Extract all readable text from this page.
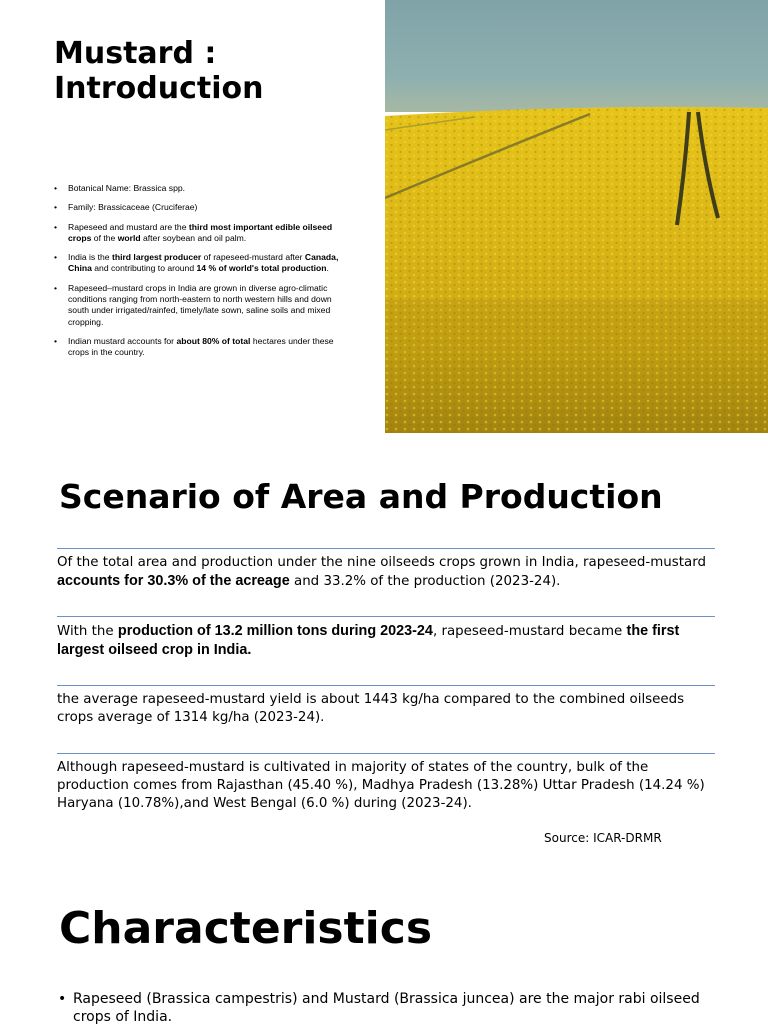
Mustard :
Introduction
• Botanical Name: Brassica spp.
• Family: Brassicaceae (Cruciferae)
• Rapeseed and mustard are the third most important edible oilseed crops of the world after soybean and oil palm.
• India is the third largest producer of rapeseed-mustard after Canada, China and contributing to around 14 % of world's total production.
• Rapeseed–mustard crops in India are grown in diverse agro-climatic conditions ranging from north-eastern to north western hills and down south under irrigated/rainfed, timely/late sown, saline soils and mixed cropping.
• Indian mustard accounts for about 80% of total hectares under these crops in the country.
Scenario of Area and Production
Of the total area and production under the nine oilseeds crops grown in India, rapeseed-mustard accounts for 30.3% of the acreage and 33.2% of the production (2023-24).
With the production of 13.2 million tons during 2023-24, rapeseed-mustard became the first largest oilseed crop in India.
the average rapeseed-mustard yield is about 1443 kg/ha compared to the combined oilseeds crops average of 1314 kg/ha (2023-24).
Although rapeseed-mustard is cultivated in majority of states of the country, bulk of the production comes from Rajasthan (45.40 %), Madhya Pradesh (13.28%) Uttar Pradesh (14.24 %) Haryana (10.78%),and West Bengal (6.0 %) during (2023-24).
Source: ICAR-DRMR
Characteristics
• Rapeseed (Brassica campestris) and Mustard (Brassica juncea) are the major rabi oilseed crops of India.
